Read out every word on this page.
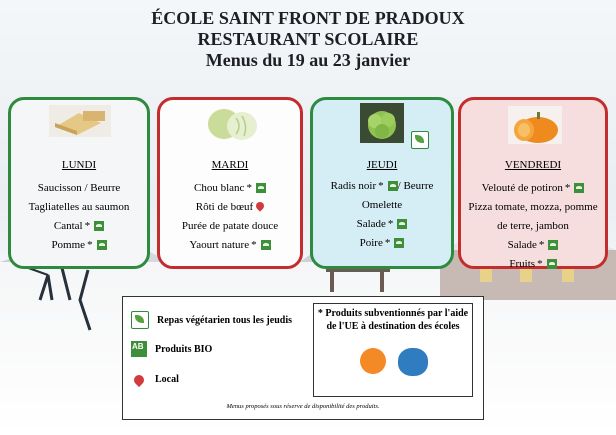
ÉCOLE SAINT FRONT DE PRADOUX
RESTAURANT SCOLAIRE
Menus du 19 au 23 janvier
LUNDI
Saucisson / Beurre
Tagliatelles au saumon
Cantal *
Pomme *
MARDI
Chou blanc *
Rôti de bœuf
Purée de patate douce
Yaourt nature *
JEUDI
Radis noir * / Beurre
Omelette
Salade *
Poire *
VENDREDI
Velouté de potiron *
Pizza tomate, mozza, pomme
de terre, jambon
Salade *
Fruits *
Repas végétarien tous les jeudis
AB
Produits BIO
Local
* Produits subventionnés par l'aide de l'UE à destination des écoles
Menus proposés sous réserve de disponibilité des produits.
